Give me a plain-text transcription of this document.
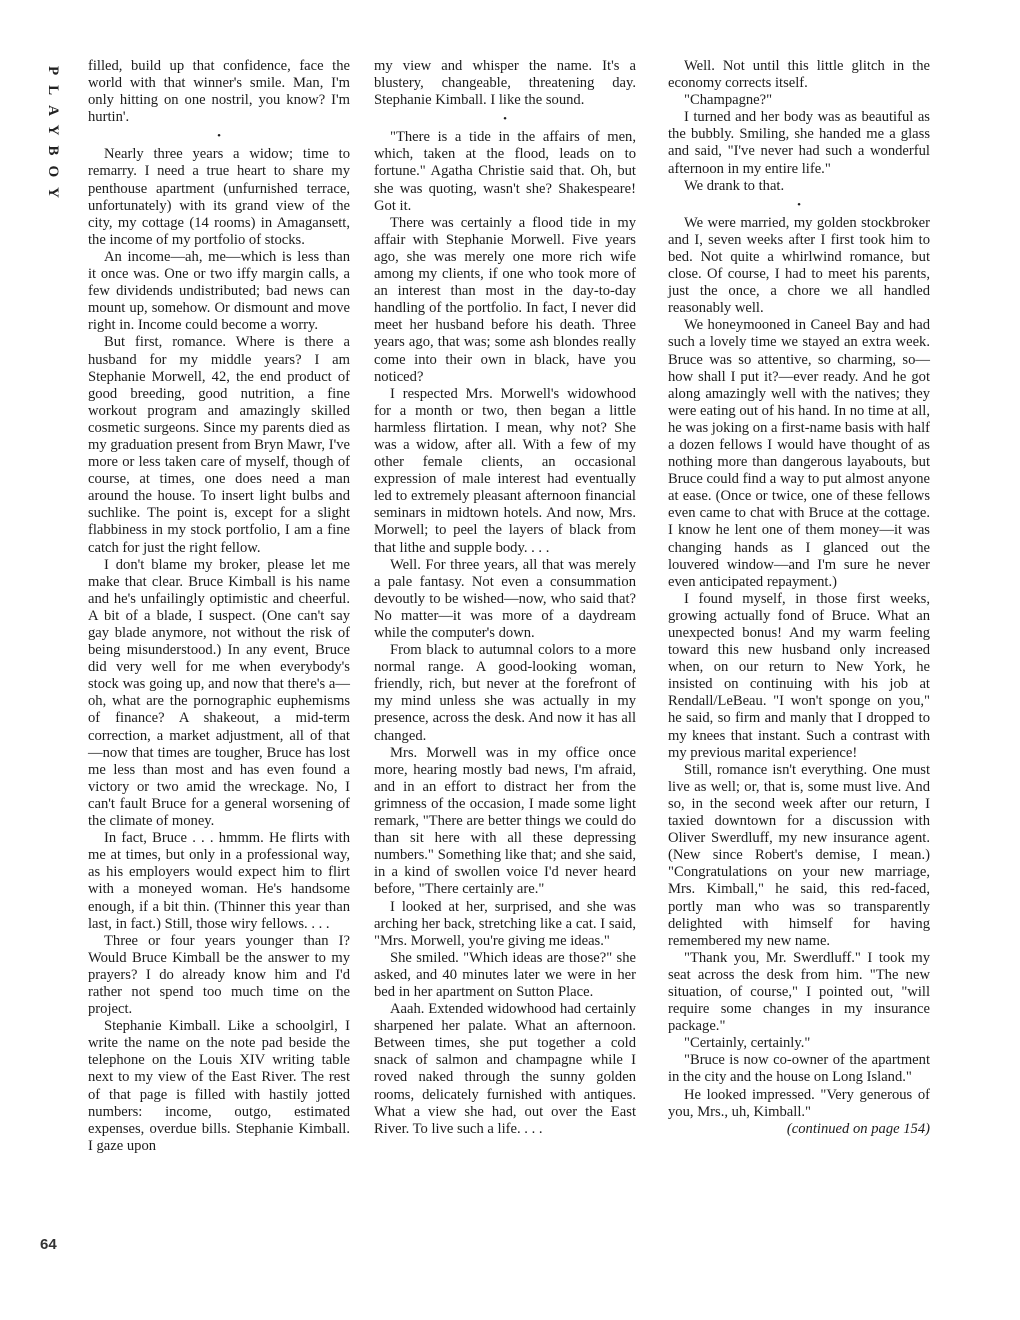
PLAYBOY filled, build up that confidence, face the world with that winner's smile. Man, I'm only hitting on one nostril, you know? I'm hurtin'.

•

Nearly three years a widow; time to remarry. I need a true heart to share my penthouse apartment (unfurnished terrace, unfortunately) with its grand view of the city, my cottage (14 rooms) in Amagansett, the income of my portfolio of stocks.

An income—ah, me—which is less than it once was. One or two iffy margin calls, a few dividends undistributed; bad news can mount up, somehow. Or dismount and move right in. Income could become a worry.

But first, romance. Where is there a husband for my middle years? I am Stephanie Morwell, 42, the end product of good breeding, good nutrition, a fine workout program and amazingly skilled cosmetic surgeons. Since my parents died as my graduation present from Bryn Mawr, I've more or less taken care of myself, though of course, at times, one does need a man around the house. To insert light bulbs and suchlike. The point is, except for a slight flabbiness in my stock portfolio, I am a fine catch for just the right fellow.

I don't blame my broker, please let me make that clear. Bruce Kimball is his name and he's unfailingly optimistic and cheerful. A bit of a blade, I suspect. (One can't say gay blade anymore, not without the risk of being misunderstood.) In any event, Bruce did very well for me when everybody's stock was going up, and now that there's a—oh, what are the pornographic euphemisms of finance? A shakeout, a mid-term correction, a market adjustment, all of that—now that times are tougher, Bruce has lost me less than most and has even found a victory or two amid the wreckage. No, I can't fault Bruce for a general worsening of the climate of money.

In fact, Bruce . . . hmmm. He flirts with me at times, but only in a professional way, as his employers would expect him to flirt with a moneyed woman. He's handsome enough, if a bit thin. (Thinner this year than last, in fact.) Still, those wiry fellows. . . .

Three or four years younger than I? Would Bruce Kimball be the answer to my prayers? I do already know him and I'd rather not spend too much time on the project.

Stephanie Kimball. Like a schoolgirl, I write the name on the note pad beside the telephone on the Louis XIV writing table next to my view of the East River. The rest of that page is filled with hastily jotted numbers: income, outgo, estimated expenses, overdue bills. Stephanie Kimball. I gaze upon

my view and whisper the name. It's a blustery, changeable, threatening day. Stephanie Kimball. I like the sound.

•

"There is a tide in the affairs of men, which, taken at the flood, leads on to fortune." Agatha Christie said that. Oh, but she was quoting, wasn't she? Shakespeare! Got it.

There was certainly a flood tide in my affair with Stephanie Morwell. Five years ago, she was merely one more rich wife among my clients, if one who took more of an interest than most in the day-to-day handling of the portfolio. In fact, I never did meet her husband before his death. Three years ago, that was; some ash blondes really come into their own in black, have you noticed?

I respected Mrs. Morwell's widowhood for a month or two, then began a little harmless flirtation. I mean, why not? She was a widow, after all. With a few of my other female clients, an occasional expression of male interest had eventually led to extremely pleasant afternoon financial seminars in midtown hotels. And now, Mrs. Morwell; to peel the layers of black from that lithe and supple body. . . .

Well. For three years, all that was merely a pale fantasy. Not even a consummation devoutly to be wished—now, who said that? No matter—it was more of a daydream while the computer's down.

From black to autumnal colors to a more normal range. A good-looking woman, friendly, rich, but never at the forefront of my mind unless she was actually in my presence, across the desk. And now it has all changed.

Mrs. Morwell was in my office once more, hearing mostly bad news, I'm afraid, and in an effort to distract her from the grimness of the occasion, I made some light remark, "There are better things we could do than sit here with all these depressing numbers." Something like that; and she said, in a kind of swollen voice I'd never heard before, "There certainly are."

I looked at her, surprised, and she was arching her back, stretching like a cat. I said, "Mrs. Morwell, you're giving me ideas."

She smiled. "Which ideas are those?" she asked, and 40 minutes later we were in her bed in her apartment on Sutton Place.

Aaah. Extended widowhood had certainly sharpened her palate. What an afternoon. Between times, she put together a cold snack of salmon and champagne while I roved naked through the sunny golden rooms, delicately furnished with antiques. What a view she had, out over the East River. To live such a life. . . .

Well. Not until this little glitch in the economy corrects itself.

"Champagne?"

I turned and her body was as beautiful as the bubbly. Smiling, she handed me a glass and said, "I've never had such a wonderful afternoon in my entire life."

We drank to that.

•

We were married, my golden stockbroker and I, seven weeks after I first took him to bed. Not quite a whirlwind romance, but close. Of course, I had to meet his parents, just the once, a chore we all handled reasonably well.

We honeymooned in Caneel Bay and had such a lovely time we stayed an extra week. Bruce was so attentive, so charming, so—how shall I put it?—ever ready. And he got along amazingly well with the natives; they were eating out of his hand. In no time at all, he was joking on a first-name basis with half a dozen fellows I would have thought of as nothing more than dangerous layabouts, but Bruce could find a way to put almost anyone at ease. (Once or twice, one of these fellows even came to chat with Bruce at the cottage. I know he lent one of them money—it was changing hands as I glanced out the louvered window—and I'm sure he never even anticipated repayment.)

I found myself, in those first weeks, growing actually fond of Bruce. What an unexpected bonus! And my warm feeling toward this new husband only increased when, on our return to New York, he insisted on continuing with his job at Rendall/LeBeau. "I won't sponge on you," he said, so firm and manly that I dropped to my knees that instant. Such a contrast with my previous marital experience!

Still, romance isn't everything. One must live as well; or, that is, some must live. And so, in the second week after our return, I taxied downtown for a discussion with Oliver Swerdluff, my new insurance agent. (New since Robert's demise, I mean.) "Congratulations on your new marriage, Mrs. Kimball," he said, this red-faced, portly man who was so transparently delighted with himself for having remembered my new name.

"Thank you, Mr. Swerdluff." I took my seat across the desk from him. "The new situation, of course," I pointed out, "will require some changes in my insurance package."

"Certainly, certainly."

"Bruce is now co-owner of the apartment in the city and the house on Long Island."

He looked impressed. "Very generous of you, Mrs., uh, Kimball."

(continued on page 154)

64
